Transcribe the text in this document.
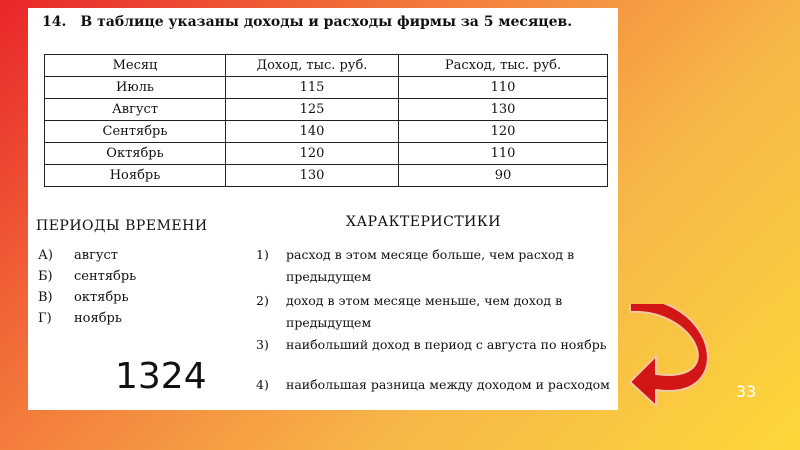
14. В таблице указаны доходы и расходы фирмы за 5 месяцев.
Месяц	Доход, тыс. руб.	Расход, тыс. руб.
Июль	115	110
Август	125	130
Сентябрь	140	120
Октябрь	120	110
Ноябрь	130	90
ПЕРИОДЫ ВРЕМЕНИ	ХАРАКТЕРИСТИКИ
А) август
Б) сентябрь
В) октябрь
Г) ноябрь
1) расход в этом месяце больше, чем расход в предыдущем
2) доход в этом месяце меньше, чем доход в предыдущем
3) наибольший доход в период с августа по ноябрь
4) наибольшая разница между доходом и расходом
1324	33
